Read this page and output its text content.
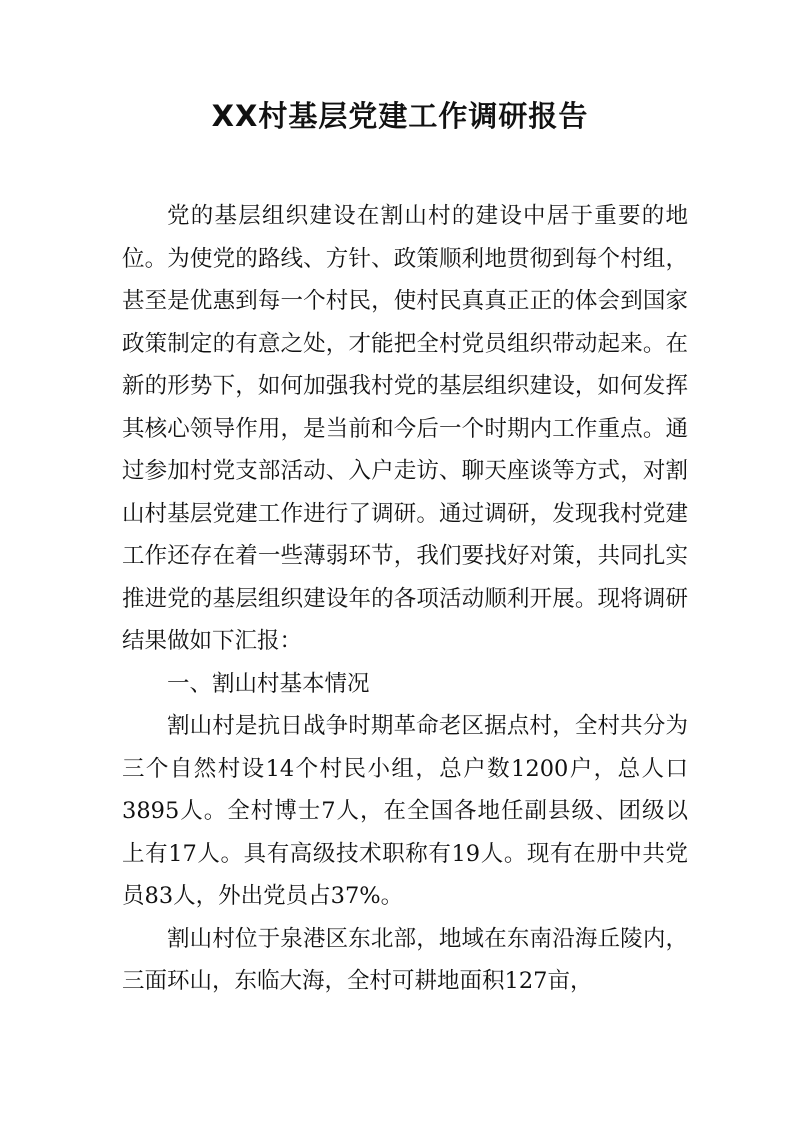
XX村基层党建工作调研报告

党的基层组织建设在割山村的建设中居于重要的地位。为使党的路线、方针、政策顺利地贯彻到每个村组，甚至是优惠到每一个村民，使村民真真正正的体会到国家政策制定的有意之处，才能把全村党员组织带动起来。在新的形势下，如何加强我村党的基层组织建设，如何发挥其核心领导作用，是当前和今后一个时期内工作重点。通过参加村党支部活动、入户走访、聊天座谈等方式，对割山村基层党建工作进行了调研。通过调研，发现我村党建工作还存在着一些薄弱环节，我们要找好对策，共同扎实推进党的基层组织建设年的各项活动顺利开展。现将调研结果做如下汇报：

一、割山村基本情况

割山村是抗日战争时期革命老区据点村，全村共分为三个自然村设14个村民小组，总户数1200户，总人口3895人。全村博士7人，在全国各地任副县级、团级以上有17人。具有高级技术职称有19人。现有在册中共党员83人，外出党员占37%。

割山村位于泉港区东北部，地域在东南沿海丘陵内，三面环山，东临大海，全村可耕地面积127亩，
